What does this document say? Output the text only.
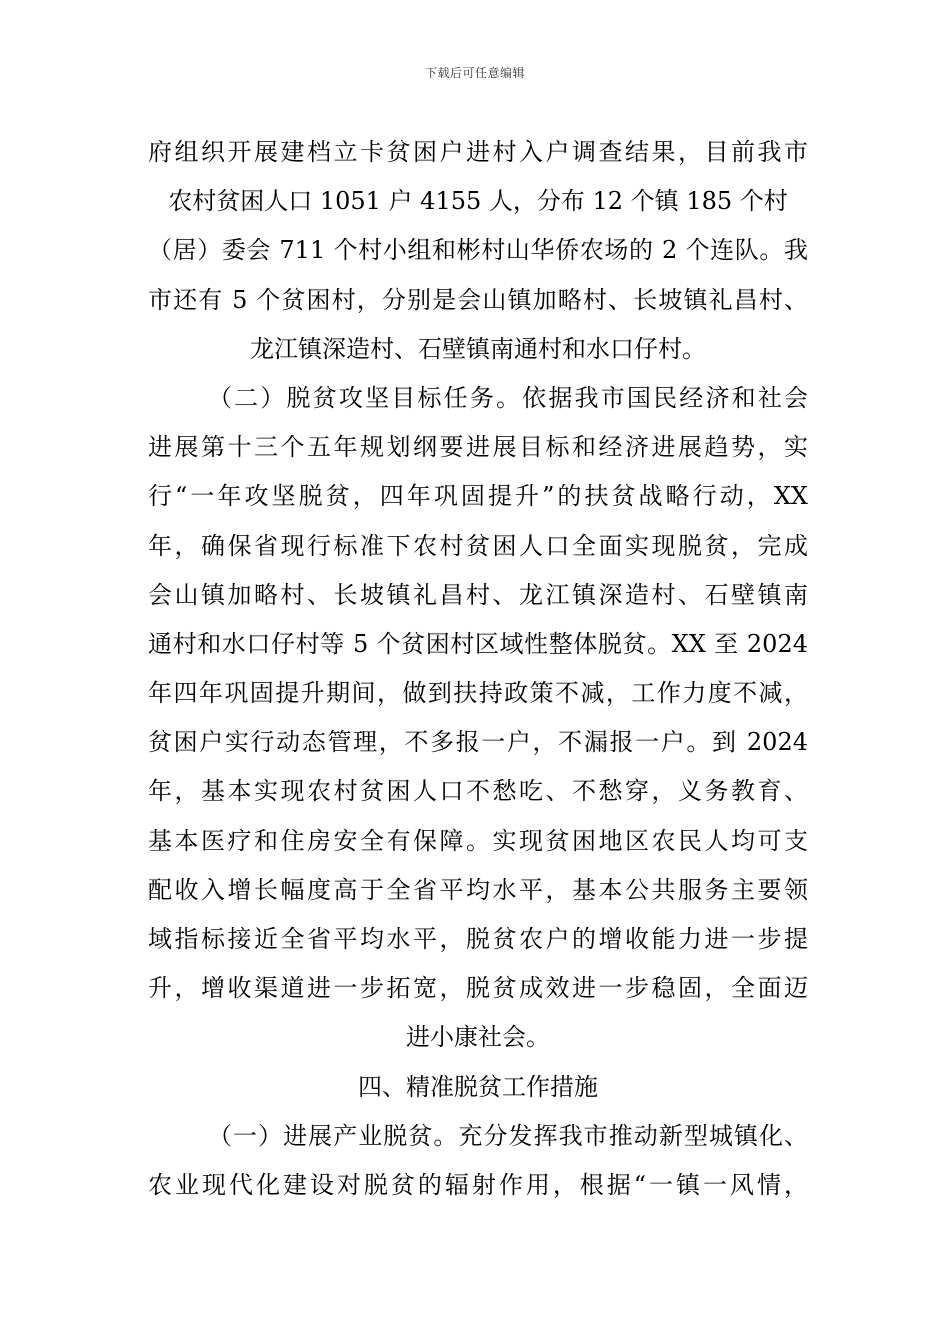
下载后可任意编辑
府组织开展建档立卡贫困户进村入户调查结果，目前我市
农村贫困人口 1051 户 4155 人，分布 12 个镇 185 个村
（居）委会 711 个村小组和彬村山华侨农场的 2 个连队。我
市还有 5 个贫困村，分别是会山镇加略村、长坡镇礼昌村、
龙江镇深造村、石壁镇南通村和水口仔村。
（二）脱贫攻坚目标任务。依据我市国民经济和社会
进展第十三个五年规划纲要进展目标和经济进展趋势，实
行“一年攻坚脱贫，四年巩固提升”的扶贫战略行动，XX
年，确保省现行标准下农村贫困人口全面实现脱贫，完成
会山镇加略村、长坡镇礼昌村、龙江镇深造村、石壁镇南
通村和水口仔村等 5 个贫困村区域性整体脱贫。XX 至 2024
年四年巩固提升期间，做到扶持政策不减，工作力度不减，
贫困户实行动态管理，不多报一户，不漏报一户。到 2024
年，基本实现农村贫困人口不愁吃、不愁穿，义务教育、
基本医疗和住房安全有保障。实现贫困地区农民人均可支
配收入增长幅度高于全省平均水平，基本公共服务主要领
域指标接近全省平均水平，脱贫农户的增收能力进一步提
升，增收渠道进一步拓宽，脱贫成效进一步稳固，全面迈
进小康社会。
四、精准脱贫工作措施
（一）进展产业脱贫。充分发挥我市推动新型城镇化、
农业现代化建设对脱贫的辐射作用，根据“一镇一风情，
